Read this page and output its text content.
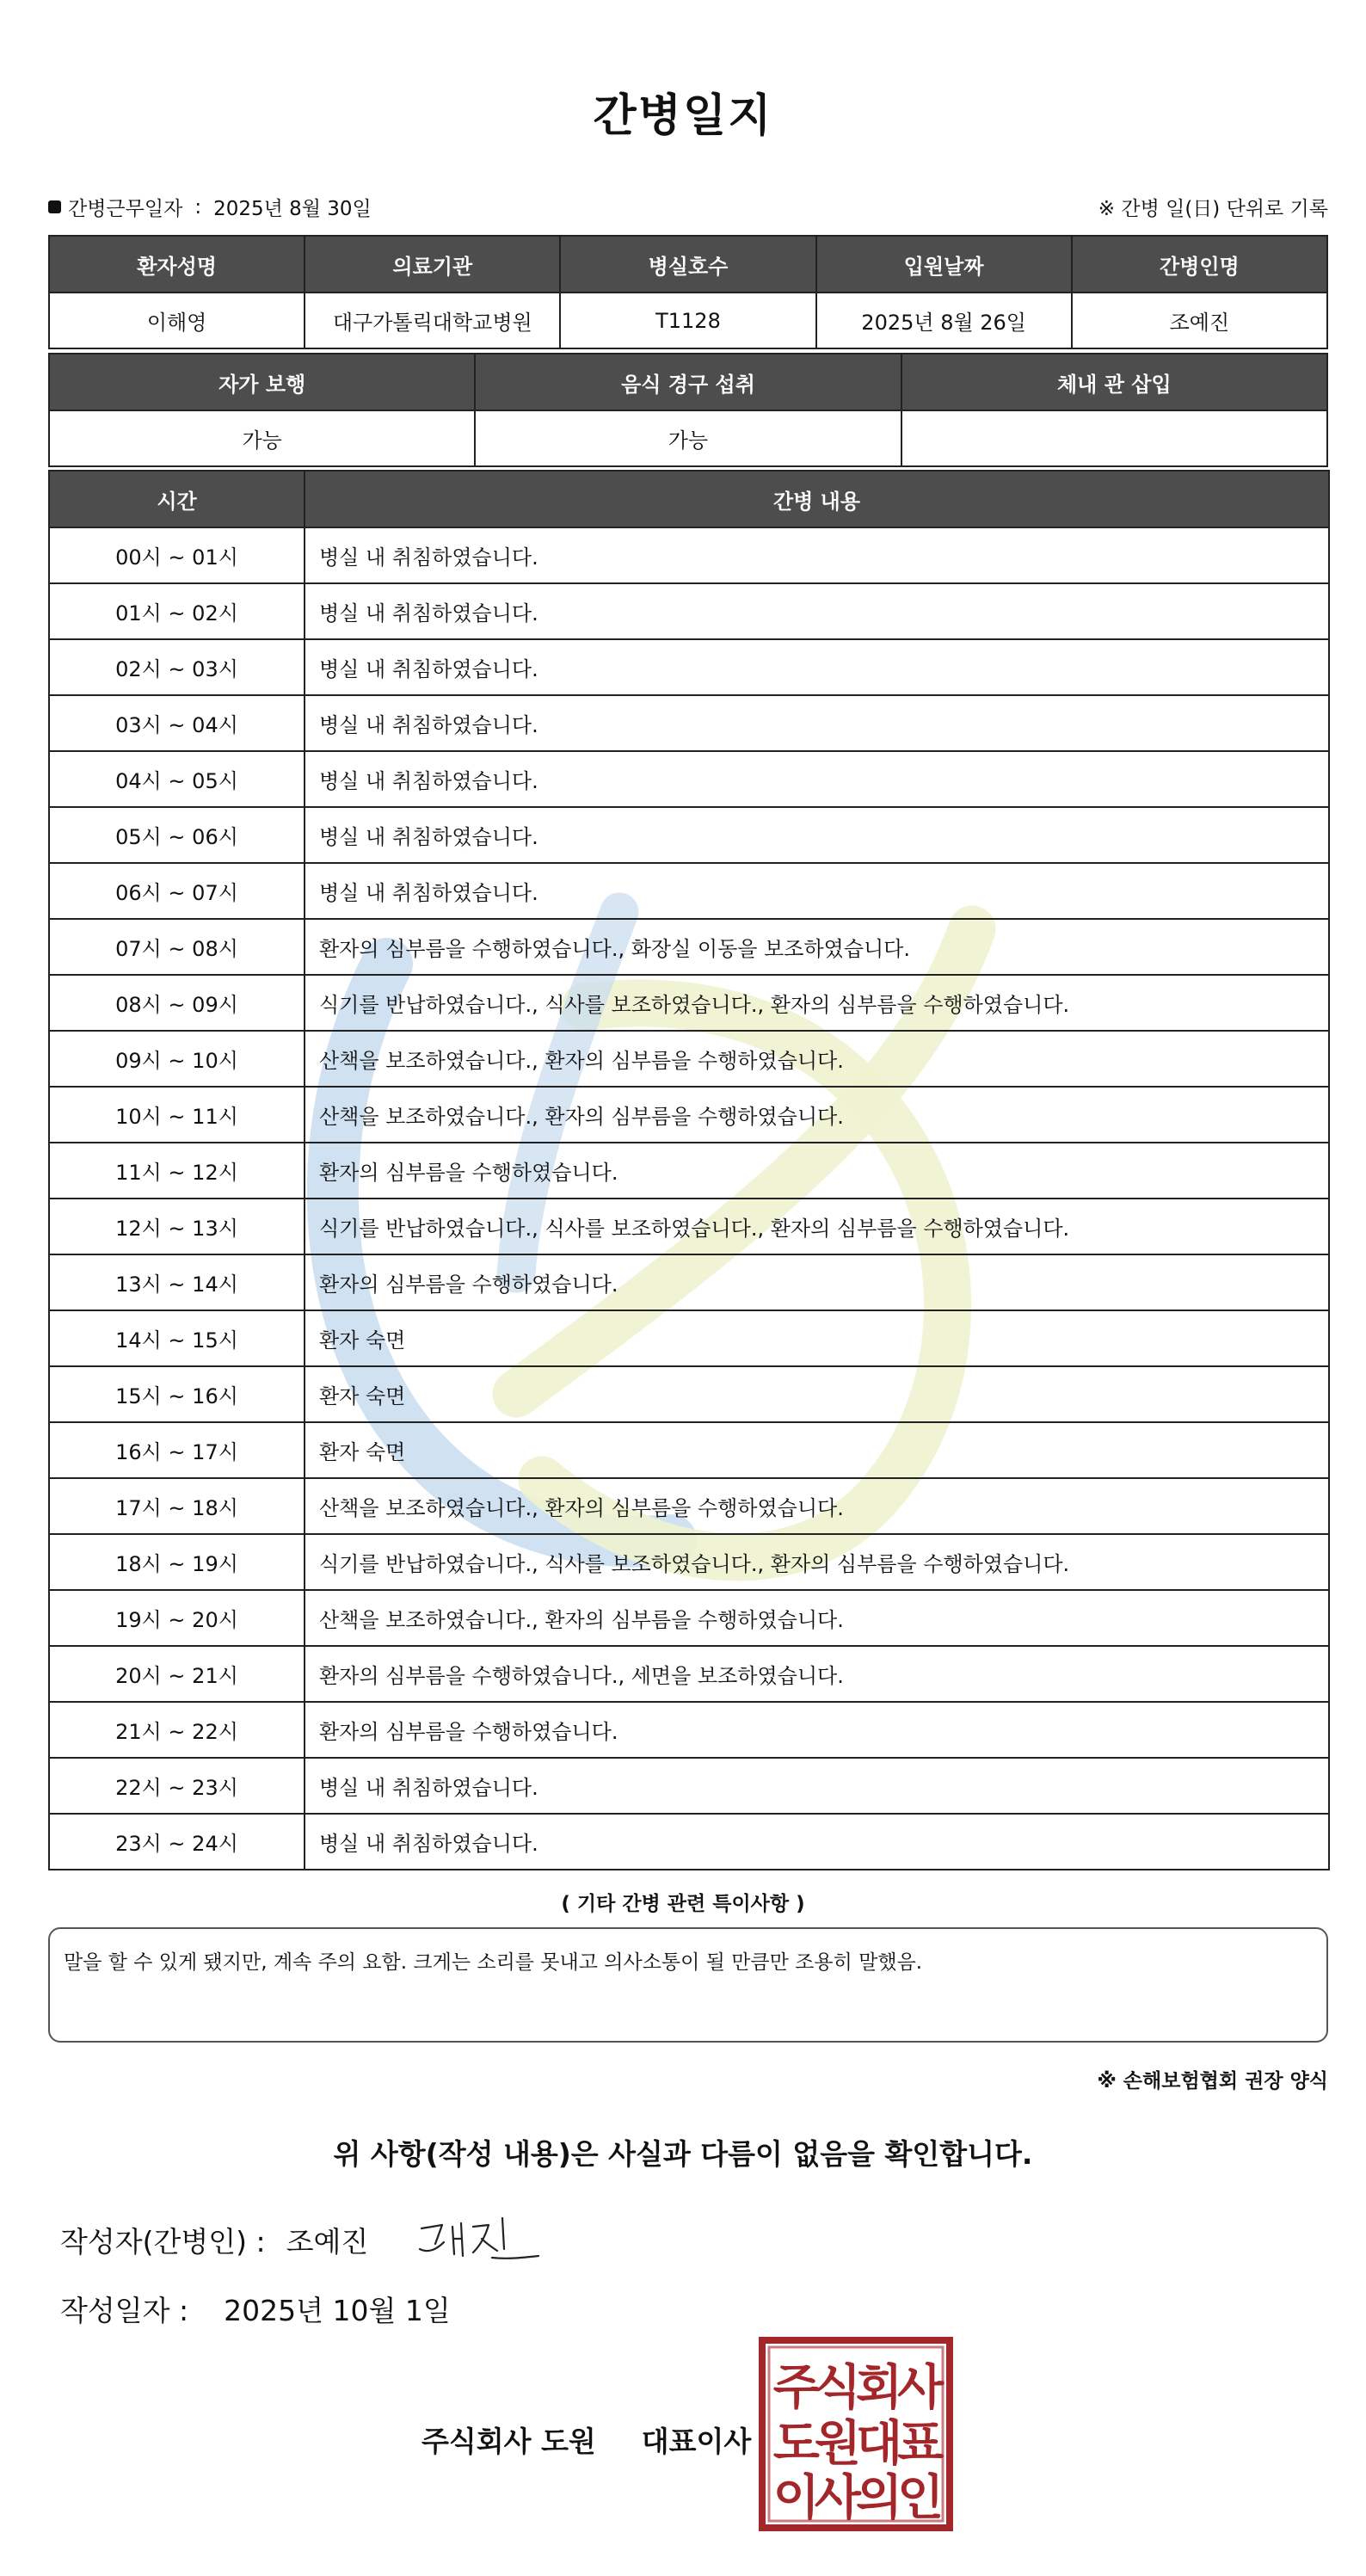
간병일지
간병근무일자 : 2025년 8월 30일	※ 간병 일(日) 단위로 기록
환자성명	의료기관	병실호수	입원날짜	간병인명
이해영	대구가톨릭대학교병원	T1128	2025년 8월 26일	조예진
자가 보행	음식 경구 섭취	체내 관 삽입
가능	가능	
시간	간병 내용
00시 ~ 01시	병실 내 취침하였습니다.
01시 ~ 02시	병실 내 취침하였습니다.
02시 ~ 03시	병실 내 취침하였습니다.
03시 ~ 04시	병실 내 취침하였습니다.
04시 ~ 05시	병실 내 취침하였습니다.
05시 ~ 06시	병실 내 취침하였습니다.
06시 ~ 07시	병실 내 취침하였습니다.
07시 ~ 08시	환자의 심부름을 수행하였습니다., 화장실 이동을 보조하였습니다.
08시 ~ 09시	식기를 반납하였습니다., 식사를 보조하였습니다., 환자의 심부름을 수행하였습니다.
09시 ~ 10시	산책을 보조하였습니다., 환자의 심부름을 수행하였습니다.
10시 ~ 11시	산책을 보조하였습니다., 환자의 심부름을 수행하였습니다.
11시 ~ 12시	환자의 심부름을 수행하였습니다.
12시 ~ 13시	식기를 반납하였습니다., 식사를 보조하였습니다., 환자의 심부름을 수행하였습니다.
13시 ~ 14시	환자의 심부름을 수행하였습니다.
14시 ~ 15시	환자 숙면
15시 ~ 16시	환자 숙면
16시 ~ 17시	환자 숙면
17시 ~ 18시	산책을 보조하였습니다., 환자의 심부름을 수행하였습니다.
18시 ~ 19시	식기를 반납하였습니다., 식사를 보조하였습니다., 환자의 심부름을 수행하였습니다.
19시 ~ 20시	산책을 보조하였습니다., 환자의 심부름을 수행하였습니다.
20시 ~ 21시	환자의 심부름을 수행하였습니다., 세면을 보조하였습니다.
21시 ~ 22시	환자의 심부름을 수행하였습니다.
22시 ~ 23시	병실 내 취침하였습니다.
23시 ~ 24시	병실 내 취침하였습니다.
( 기타 간병 관련 특이사항 )
말을 할 수 있게 됐지만, 계속 주의 요함. 크게는 소리를 못내고 의사소통이 될 만큼만 조용히 말했음.
※ 손해보험협회 권장 양식
위 사항(작성 내용)은 사실과 다름이 없음을 확인합니다.
작성자(간병인) : 조예진
작성일자 : 2025년 10월 1일
주식회사 도원 대표이사
주식회사
도원대표
이사의인
